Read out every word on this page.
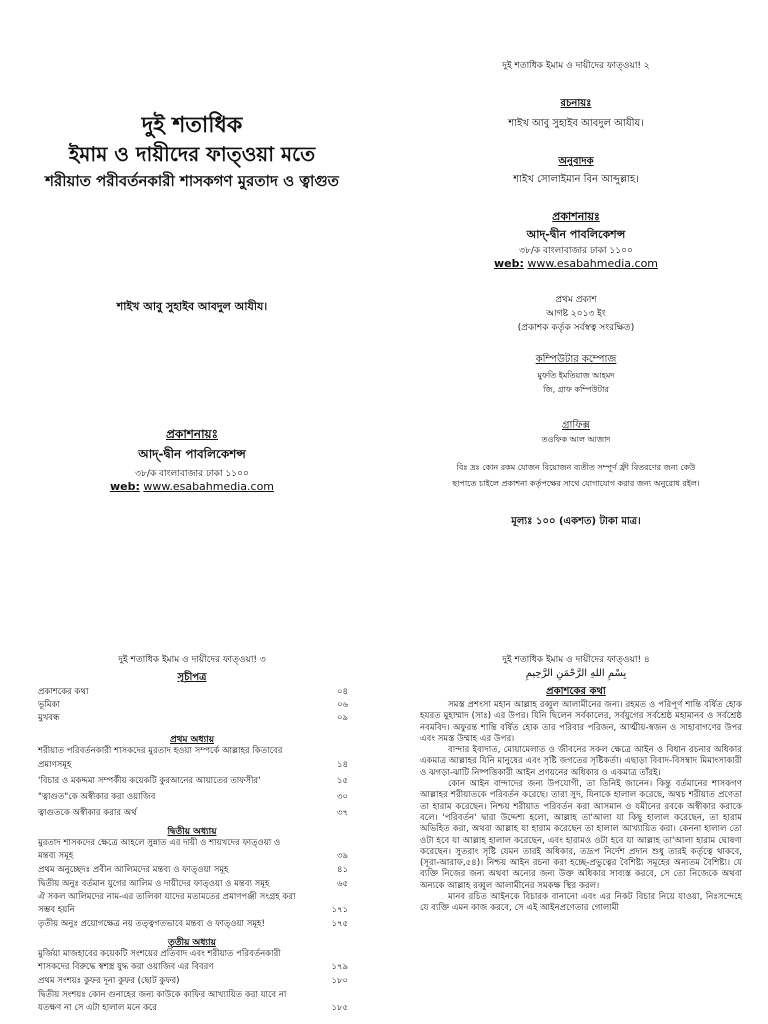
দুই শতাধিক
ইমাম ও দায়ীদের ফাত্‌ওয়া মতে
শরীয়াত পরীবর্তনকারী শাসকগণ মুরতাদ ও ত্বাগুত
শাইখ আবু সুহাইব আবদুল আযীয।
প্রকাশনায়ঃ
আদ্‌-দ্বীন পাবলিকেশন্স
৩৮/ক বাংলাবাজার ঢাকা ১১০০
web: www.esabahmedia.com
দুই শতাধিক ইমাম ও দায়ীদের ফাত্‌ওয়া! ২
রচনায়ঃ
শাইখ আবু সুহাইব আবদুল আযীয।
অনুবাদক
শাইখ সোলাইমান বিন আব্দুল্লাহ।
প্রকাশনায়ঃ
আদ্‌-দ্বীন পাবলিকেশন্স
৩৮/ক বাংলাবাজার ঢাকা ১১০০
web: www.esabahmedia.com
প্রথম প্রকাশ
আগষ্ট ২০১৩ ইং
(প্রকাশক কর্তৃক সর্বস্বত্ব সংরক্ষিত)
কম্পিউটার কম্পোজ
মুফতি ইমতিয়াজ আহমদ
জি, গ্রাফ কম্পিউটার
গ্রাফিক্স
তওফিক আল আজাদ
বিঃ দ্রঃ কোন রকম যোজন বিয়োজন ব্যতীত সম্পূর্ণ ফ্রী বিতরণের জন্য কেউ
ছাপাতে চাইলে প্রকাশনা কর্তৃপক্ষের সাথে যোগাযোগ করার জন্য অনুরোধ রইল।
মূল্যঃ ১০০ (একশত) টাকা মাত্র।
দুই শতাধিক ইমাম ও দায়ীদের ফাত্‌ওয়া! ৩
সূচীপত্র
প্রকাশকের কথা	০৪
ভূমিকা	০৬
মুখবন্ধ	০৯
প্রথম অধ্যায়
শরীয়াত পরিবর্তনকারী শাসকদের মুরতাদ হওয়া সম্পর্কে আল্লাহর কিতাবের
প্রমাণসমূহ	১৪
'বিচার ও মকদ্দমা সম্পর্কীয় কয়েকটি কুরআনের আয়াতের তাফসীর'	১৫
"ত্বাগুত"কে অস্বীকার করা ওয়াজিব	৩০
ত্বাগুতকে অস্বীকার করার অর্থ	৩৭
দ্বিতীয় অধ্যায়
মুরতাদ শাসকদের ক্ষেত্রে আহলে সুন্নাত এর দায়ী ও শায়খদের ফাত্‌ওয়া ও
মন্তব্য সমূহ	৩৯
প্রথম অনুচ্ছেদঃ প্রবীন আলিমদের মন্তব্য ও ফাত্‌ওয়া সমূহ	৪১
দ্বিতীয় অনুঃ বর্তমান যুগের আলিম ও দায়ীদের ফাত্‌ওয়া ও মন্তব্য সমূহ	৬৫
ঐ সকল আলিমদের নাম-এর তালিকা যাদের মতামতের প্রমাণপঞ্জী সংগ্রহ করা
সম্ভব হয়নি	১৭১
তৃতীয় অনুঃ প্রয়োগক্ষেত্র নয় তত্ত্বগতভাবে মন্তব্য ও ফাত্‌ওয়া সমূহ!	১৭৫
তৃতীয় অধ্যায়
মুর্জিয়া মাজহাবের কয়েকটি সংশয়ের প্রতিবাদ এবং শরীয়াত পরিবর্তনকারী
শাসকদের বিরুদ্ধে স্বশস্ত্র যুদ্ধ করা ওয়াজিব এর বিবরণ	১৭৯
প্রথম সংশয়ঃ কুফর দূনা কুফর (ছোট কুফর)	১৮০
দ্বিতীয় সংশয়ঃ কোন গুনাহের জন্য কাউকে কাফির আখ্যায়িত করা যাবে না
যতক্ষণ না সে এটা হালাল মনে করে	১৮৫
দুই শতাধিক ইমাম ও দায়ীদের ফাত্‌ওয়া! ৪
بِسْمِ اللهِ الرَّحْمَنِ الرَّحِيمِ
প্রকাশকের কথা

সমস্ত প্রশংসা মহান আল্লাহ রব্বুল আলামীনের জন্য। রহমত ও পরিপূর্ণ শান্তি বর্ষিত হোক হযরত মুহাম্মাদ (সাঃ) এর উপর। যিনি ছিলেন সর্বকালের, সর্বযুগের সর্বশ্রেষ্ঠ মহামানব ও সর্বশ্রেষ্ঠ নবমবিদ। অফুরন্ত শান্তি বর্ষিত হোক তার পরিবার পরিজন, আত্মীয়-স্বজন ও সাহাবাগণের উপর এবং সমস্ত উম্মাহ এর উপর।

বান্দার ইবাদাত, মোয়ামেলাত ও জীবনের সকল ক্ষেত্রে আইন ও বিধান রচনার অধিকার একমাত্র আল্লাহর যিনি মানুষের এবং সৃষ্টি জগতের সৃষ্টিকর্তা। এছাড়া বিবাদ-বিসম্বাদ মিমাংসাকারী ও ঝগড়া-ঝাটি নিষ্পত্তিকারী আইন প্রণয়নের অধিকার ও একমাত্র তাঁরই।

কোন আইন বান্দাদের জন্য উপযোগী, তা তিনিই জানেন। কিন্তু বর্তমানের শাসকগণ আল্লাহর শরীয়াতকে পরিবর্তন করেছে। তারা সুদ, যিনাকে হালাল করেছে, অথচ শরীয়াত প্রণেতা তা হারাম করেছেন। নিশ্চয় শরীয়াত পরিবর্তন করা আসমান ও যমীনের রবকে অস্বীকার করাকে বলে। 'পরিবর্তন' দ্বারা উদ্দেশ্য হলো, আল্লাহ তা'আলা যা কিছু হালাল করেছেন, তা হারাম অভিহিত করা, অথবা আল্লাহ যা হারাম করেছেন তা হালাল আখ্যায়িত করা। কেননা হালাল তো ওটা হবে যা আল্লাহ হালাল করেছেন, এবং হারামও ওটা হবে যা আল্লাহ তা'আলা হারাম ঘোষণা করেছেন। সুতরাং সৃষ্টি যেমন তারই অধিকার, তদ্রূপ নির্দেশ প্রদান শুধু তারই কর্তৃত্বে থাকবে, (সূরা-আরাফ,৫৪)। নিশ্চয় আইন রচনা করা হচ্ছে-প্রভুত্বের বৈশিষ্ট্য সমূহের অন্যতম বৈশিষ্ট্য। যে ব্যক্তি নিজের জন্য অথবা অন্যের জন্য উক্ত অধিকার সাব্যস্ত করবে, সে তো নিজেকে অথবা অন্যকে আল্লাহ রব্বুল আলামীনের সমকক্ষ স্থির করল।

মানব রচিত আইনকে বিচারক বানানো এবং এর নিকট বিচার নিয়ে যাওয়া, নিঃসন্দেহে যে ব্যক্তি এমন কাজ করবে, সে এই আইনপ্রণেতার গোলামী
